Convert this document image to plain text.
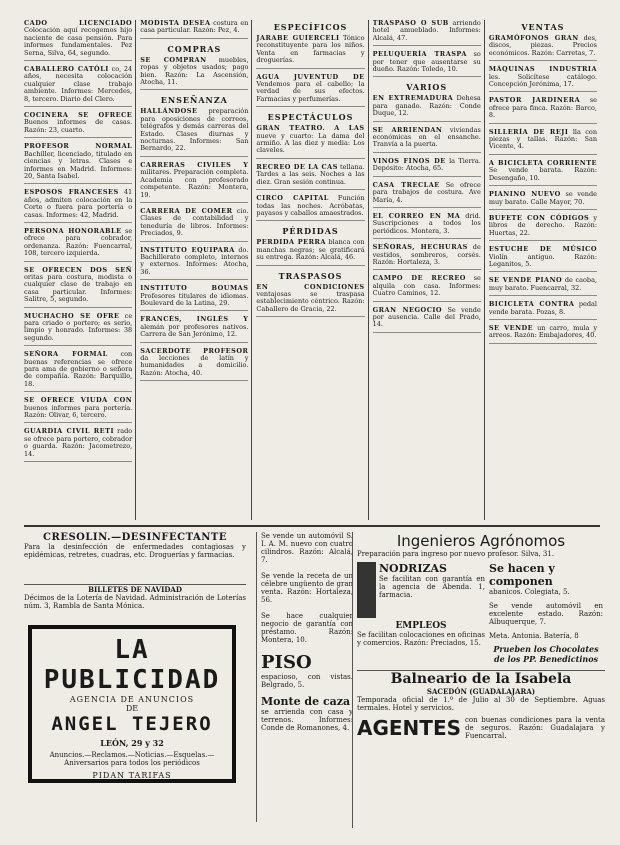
CADO LICENCIADO Colocación aquí recogemos hijo naciente de casa pensión. Para informes fundamentales. Pez Serna, Silva, 64, segundo.
CABALLERO CATÓLI co, 24 años, necesita colocación cualquier clase trabajo ambiente. Informes: Mercedes, 8, tercero. Diario del Clero.
COCINERA SE OFRECE Buenos informes de casas. Razón: 23, cuarto.
PROFESOR NORMAL Bachiller, licenciado, titulado en ciencias y letras. Clases e informes en Madrid. Informes: 20, Santa Isabel.
ESPOSOS FRANCESES 41 años, admiten colocación en la Corte o fuera para portería o casas. Informes: 42, Madrid.
PERSONA HONORABLE se ofrece para cobrador, ordenanza. Razón: Fuencarral, 108, tercero izquierda.
SE OFRECEN DOS SEÑ oritas para costura, modista o cualquier clase de trabajo en casa particular. Informes: Salitre, 5, segundo.
MUCHACHO SE OFRE ce para criado o portero; es serio, limpio y honrado. Informes: 38 segundo.
SEÑORA FORMAL con buenas referencias se ofrece para ama de gobierno o señora de compañía. Razón: Barquillo, 18.
SE OFRECE VIUDA CON buenos informes para portería. Razón: Olivar, 6, tercero.
GUARDIA CIVIL RETI rado se ofrece para portero, cobrador o guarda. Razón: Jacometrezo, 14.
MODISTA DESEA costura en casa particular. Razón: Pez, 4.
COMPRAS
SE COMPRAN muebles, ropas y objetos usados; pago bien. Razón: La Ascensión, Atocha, 11.
ENSEÑANZA
HALLÁNDOSE preparación para oposiciones de correos, telégrafos y demás carreras del Estado. Clases diurnas y nocturnas. Informes: San Bernardo, 22.
CARRERAS CIVILES Y militares. Preparación completa. Academia con profesorado competente. Razón: Montera, 19.
CARRERA DE COMER cio. Clases de contabilidad y teneduría de libros. Informes: Preciados, 9.
INSTITUTO EQUIPARA do. Bachillerato completo, internos y externos. Informes: Atocha, 36.
INSTITUTO BOUMAS Profesores titulares de idiomas. Boulevard de la Latina, 29.
FRANCÉS, INGLÉS Y alemán por profesores nativos. Carrera de San Jerónimo, 12.
SACERDOTE PROFESOR da lecciones de latín y humanidades a domicilio. Razón: Atocha, 40.
ESPECÍFICOS
JARABE GUIERCELI Tónico reconstituyente para los niños. Venta en farmacias y droguerías.
AGUA JUVENTUD DE Vendemos para el cabello; la verdad de sus efectos. Farmacias y perfumerías.
ESPECTÁCULOS
GRAN TEATRO. A LAS nueve y cuarto: La dama del armiño. A las diez y media: Los claveles.
RECREO DE LA CAS tellana. Tardes a las seis. Noches a las diez. Gran sesión continua.
CIRCO CAPITAL Función todas las noches. Acróbatas, payasos y caballos amaestrados.
PÉRDIDAS
PERDIDA PERRA blanca con manchas negras; se gratificará su entrega. Razón: Alcalá, 46.
TRASPASOS
EN CONDICIONES ventajosas se traspasa establecimiento céntrico. Razón: Caballero de Gracia, 22.
TRASPASO O SUB arriendo hotel amueblado. Informes: Alcalá, 47.
PELUQUERÍA TRASPA so por tener que ausentarse su dueño. Razón: Toledo, 10.
VARIOS
EN EXTREMADURA Dehesa para ganado. Razón: Conde Duque, 12.
SE ARRIENDAN viviendas económicas en el ensanche. Tranvía a la puerta.
VINOS FINOS DE la Tierra. Depósito: Atocha, 65.
CASA TRECLAE Se ofrece para trabajos de costura. Ave María, 4.
EL CORREO EN MA drid. Suscripciones a todos los periódicos. Montera, 3.
SEÑORAS, HECHURAS de vestidos, sombreros, corsés. Razón: Hortaleza, 3.
CAMPO DE RECREO se alquila con casa. Informes: Cuatro Caminos, 12.
GRAN NEGOCIO Se vende por ausencia. Calle del Prado, 14.
VENTAS
GRAMÓFONOS GRAN des, discos, piezas. Precios económicos. Razón: Carretas, 7.
MÁQUINAS INDUSTRIA les. Solicítese catálogo. Concepción Jerónima, 17.
PASTOR JARDINERA se ofrece para finca. Razón: Barco, 8.
SILLERÍA DE REJI lla con piezas y tallas. Razón: San Vicente, 4.
A BICICLETA CORRIENTE Se vende barata. Razón: Desengaño, 10.
PIANINO NUEVO se vende muy barato. Calle Mayor, 70.
BUFETE CON CÓDIGOS y libros de derecho. Razón: Huertas, 22.
ESTUCHE DE MÚSICO Violín antiguo. Razón: Leganitos, 5.
SE VENDE PIANO de caoba, muy barato. Fuencarral, 32.
BICICLETA CONTRA pedal vende barata. Pozas, 8.
SE VENDE un carro, mula y arreos. Razón: Embajadores, 40.
CRESOLÍN.—DESINFECTANTE
Para la desinfección de enfermedades contagiosas y epidémicas, retretes, cuadras, etc. Droguerías y farmacias.
BILLETES DE NAVIDAD
Décimos de la Lotería de Navidad. Administración de Loterías núm. 3, Rambla de Santa Mónica.
LA PUBLICIDAD
AGENCIA DE ANUNCIOS
DE
ANGEL TEJERO
LEÓN, 29 y 32
Anuncios.—Reclamos.—Noticias.—Esquelas.—Aniversarios para todos los periódicos
PIDAN TARIFAS
Se vende un automóvil S. I. A. M. nuevo con cuatro cilindros. Razón: Alcalá, 7.
Se vende la receta de un célebre ungüento de gran venta. Razón: Hortaleza, 56.
Se hace cualquier negocio de garantía con préstamo. Razón: Montera, 10.
PISO
espacioso, con vistas. Belgrado, 5.
Monte de caza
se arrienda con casa y terrenos. Informes: Conde de Romanones, 4.
Ingenieros Agrónomos
Preparación para ingreso por nuevo profesor. Silva, 31.
NODRIZAS
Se facilitan con garantía en la agencia de Abenda. 1, farmacia.
EMPLEOS
Se facilitan colocaciones en oficinas y comercios. Razón: Preciados, 15.
Se hacen y componen
abanicos. Colegiata, 5.
Se vende automóvil en excelente estado. Razón: Albuquerque, 7.
Meta. Antonia. Batería, 8
Prueben los Chocolates de los PP. Benedictinos
Balneario de la Isabela
SACEDÓN (GUADALAJARA)
Temporada oficial de 1.º de Julio al 30 de Septiembre. Aguas termales. Hotel y servicios.
AGENTES con buenas condiciones para la venta de seguros. Razón: Guadalajara y Fuencarral.
